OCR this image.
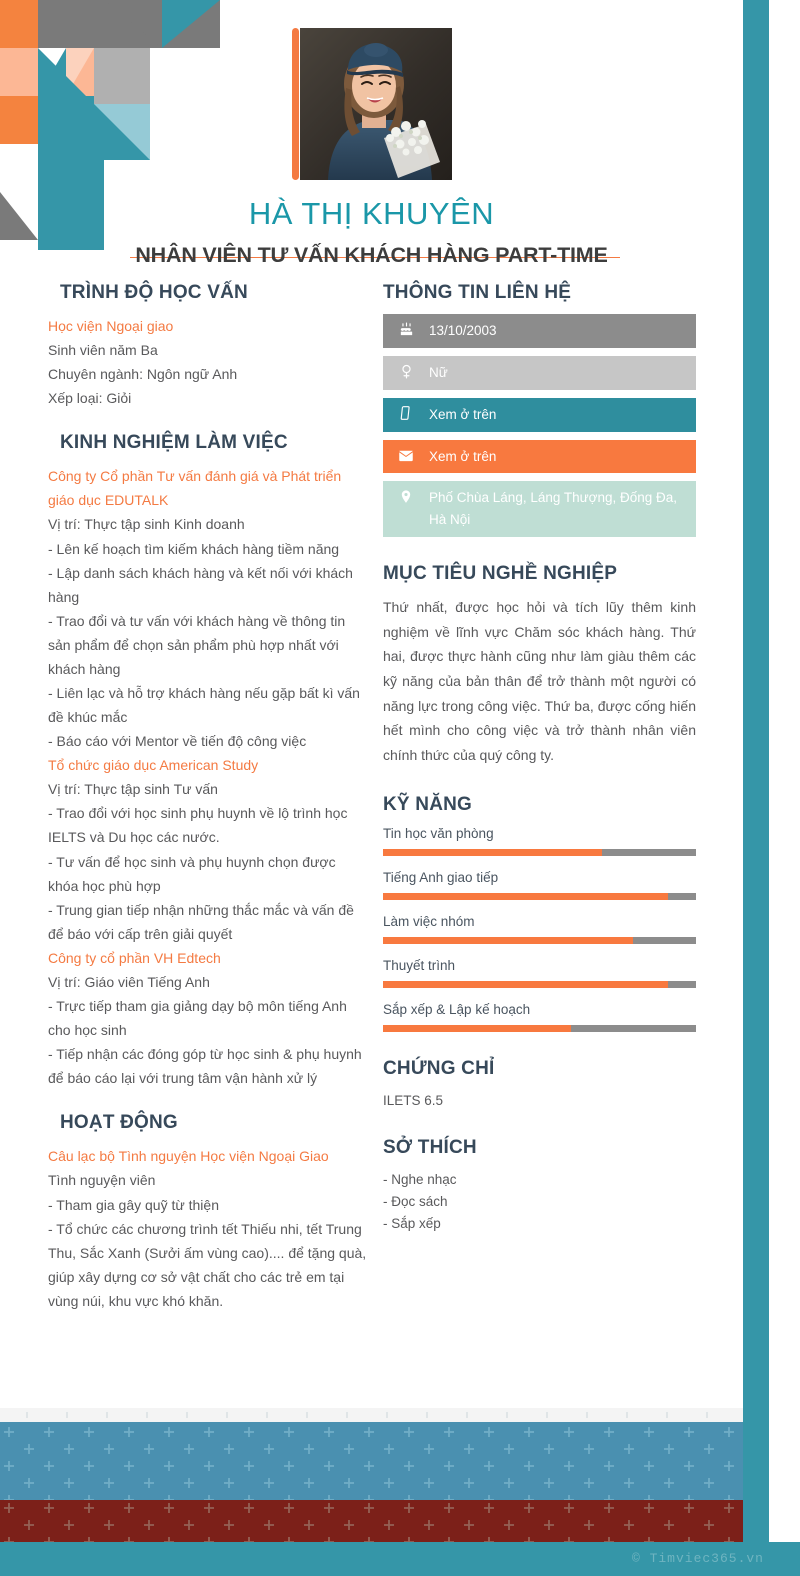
HÀ THỊ KHUYÊN
NHÂN VIÊN TƯ VẤN KHÁCH HÀNG PART-TIME
TRÌNH ĐỘ HỌC VẤN

Học viện Ngoại giao

Sinh viên năm Ba

Chuyên ngành: Ngôn ngữ Anh

Xếp loại: Giỏi

KINH NGHIỆM LÀM VIỆC

Công ty Cổ phần Tư vấn đánh giá và Phát triển giáo dục EDUTALK

Vị trí: Thực tập sinh Kinh doanh

- Lên kế hoạch tìm kiếm khách hàng tiềm năng

- Lập danh sách khách hàng và kết nối với khách hàng

- Trao đổi và tư vấn với khách hàng về thông tin sản phẩm để chọn sản phẩm phù hợp nhất với khách hàng

- Liên lạc và hỗ trợ khách hàng nếu gặp bất kì vấn đề khúc mắc

- Báo cáo với Mentor về tiến độ công việc

Tổ chức giáo dục American Study

Vị trí: Thực tập sinh Tư vấn

- Trao đổi với học sinh phụ huynh về lộ trình học IELTS và Du học các nước.

- Tư vấn để học sinh và phụ huynh chọn được khóa học phù hợp

- Trung gian tiếp nhận những thắc mắc và vấn đề để báo với cấp trên giải quyết

Công ty cổ phần VH Edtech

Vị trí: Giáo viên Tiếng Anh

- Trực tiếp tham gia giảng dạy bộ môn tiếng Anh cho học sinh

- Tiếp nhận các đóng góp từ học sinh & phụ huynh để báo cáo lại với trung tâm vận hành xử lý

HOẠT ĐỘNG

Câu lạc bộ Tình nguyện Học viện Ngoại Giao

Tình nguyện viên

- Tham gia gây quỹ từ thiện

- Tổ chức các chương trình tết Thiếu nhi, tết Trung Thu, Sắc Xanh (Sưởi ấm vùng cao).... để tặng quà, giúp xây dựng cơ sở vật chất cho các trẻ em tại vùng núi, khu vực khó khăn.

THÔNG TIN LIÊN HỆ
13/10/2003
Nữ
Xem ở trên
Xem ở trên
Phố Chùa Láng, Láng Thượng, Đống Đa, Hà Nội
MỤC TIÊU NGHỀ NGHIỆP

Thứ nhất, được học hỏi và tích lũy thêm kinh nghiệm về lĩnh vực Chăm sóc khách hàng. Thứ hai, được thực hành cũng như làm giàu thêm các kỹ năng của bản thân để trở thành một người có năng lực trong công việc. Thứ ba, được cống hiến hết mình cho công việc và trở thành nhân viên chính thức của quý công ty.

KỸ NĂNG
Tin học văn phòng
Tiếng Anh giao tiếp
Làm việc nhóm
Thuyết trình
Sắp xếp & Lập kế hoạch
CHỨNG CHỈ

ILETS 6.5

SỞ THÍCH

- Nghe nhạc

- Đọc sách

- Sắp xếp

© Timviec365.vn
